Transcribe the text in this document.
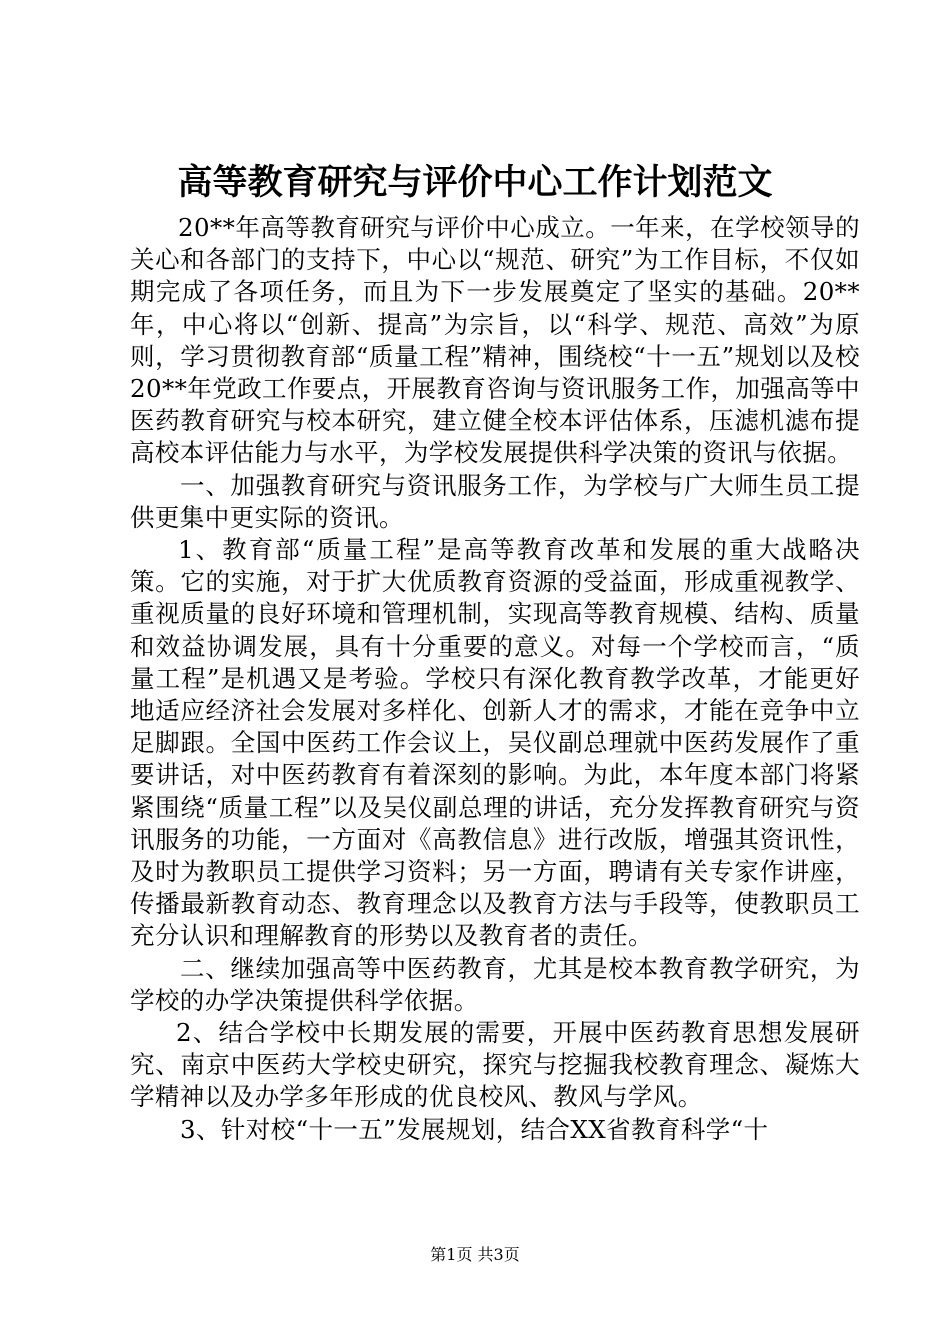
高等教育研究与评价中心工作计划范文

20**年高等教育研究与评价中心成立。一年来，在学校领导的关心和各部门的支持下，中心以“规范、研究”为工作目标，不仅如期完成了各项任务，而且为下一步发展奠定了坚实的基础。20**年，中心将以“创新、提高”为宗旨，以“科学、规范、高效”为原则，学习贯彻教育部“质量工程”精神，围绕校“十一五”规划以及校20**年党政工作要点，开展教育咨询与资讯服务工作，加强高等中医药教育研究与校本研究，建立健全校本评估体系，压滤机滤布提高校本评估能力与水平，为学校发展提供科学决策的资讯与依据。

一、加强教育研究与资讯服务工作，为学校与广大师生员工提供更集中更实际的资讯。

1、教育部“质量工程”是高等教育改革和发展的重大战略决策。它的实施，对于扩大优质教育资源的受益面，形成重视教学、重视质量的良好环境和管理机制，实现高等教育规模、结构、质量和效益协调发展，具有十分重要的意义。对每一个学校而言，“质量工程”是机遇又是考验。学校只有深化教育教学改革，才能更好地适应经济社会发展对多样化、创新人才的需求，才能在竞争中立足脚跟。全国中医药工作会议上，吴仪副总理就中医药发展作了重要讲话，对中医药教育有着深刻的影响。为此，本年度本部门将紧紧围绕“质量工程”以及吴仪副总理的讲话，充分发挥教育研究与资讯服务的功能，一方面对《高教信息》进行改版，增强其资讯性，及时为教职员工提供学习资料；另一方面，聘请有关专家作讲座，传播最新教育动态、教育理念以及教育方法与手段等，使教职员工充分认识和理解教育的形势以及教育者的责任。

二、继续加强高等中医药教育，尤其是校本教育教学研究，为学校的办学决策提供科学依据。

2、结合学校中长期发展的需要，开展中医药教育思想发展研究、南京中医药大学校史研究，探究与挖掘我校教育理念、凝炼大学精神以及办学多年形成的优良校风、教风与学风。

3、针对校“十一五”发展规划，结合XX省教育科学“十

第1页 共3页
